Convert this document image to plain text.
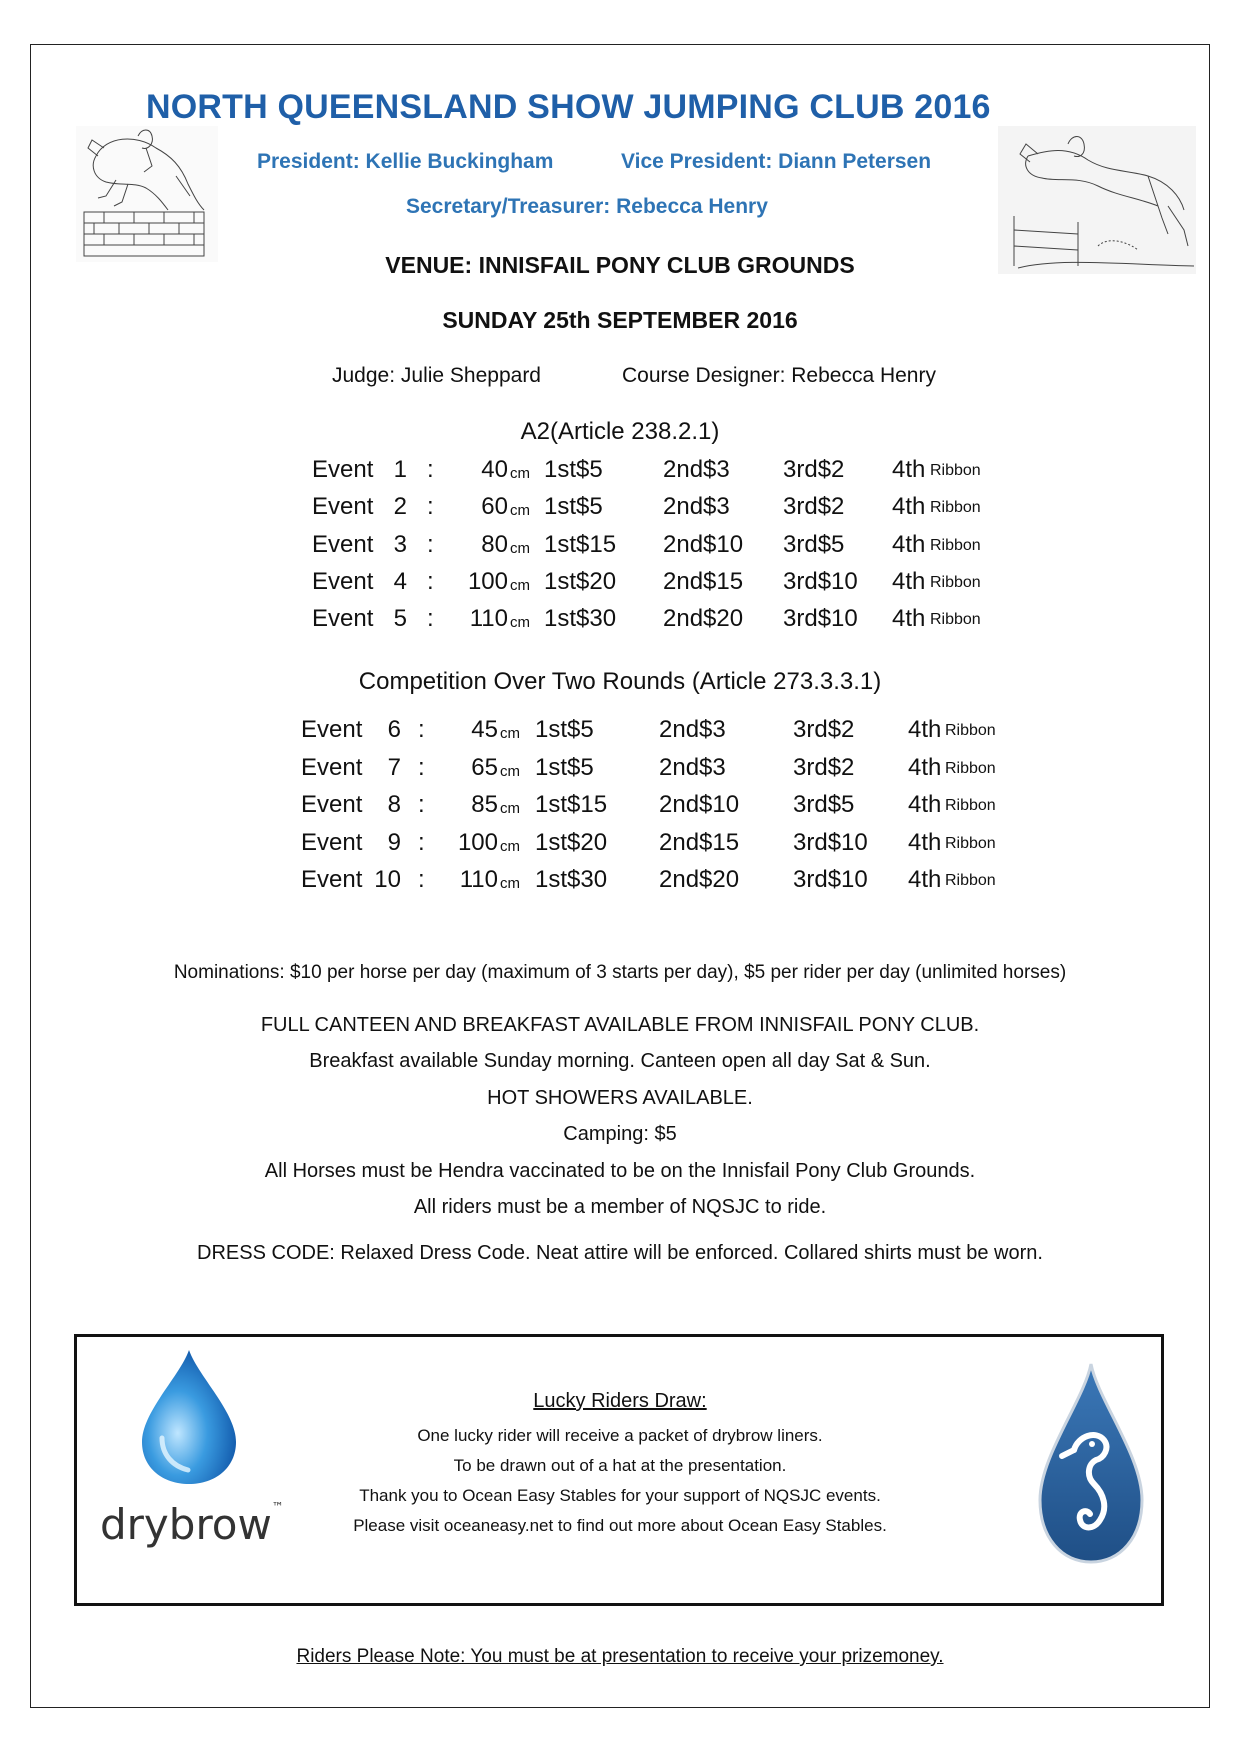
NORTH QUEENSLAND SHOW JUMPING CLUB 2016
President: Kellie Buckingham	Vice President: Diann Petersen
Secretary/Treasurer: Rebecca Henry
VENUE: INNISFAIL PONY CLUB GROUNDS
SUNDAY 25th SEPTEMBER 2016
Judge: Julie Sheppard	Course Designer: Rebecca Henry
A2(Article 238.2.1)
Event 1 : 40 cm 1st$5	2nd$3 3rd$2 4th Ribbon
Event 2 : 60 cm 1st$5	2nd$3 3rd$2 4th Ribbon
Event 3 : 80 cm 1st$15 2nd$10 3rd$5 4th Ribbon
Event 4 : 100 cm 1st$20 2nd$15 3rd$10 4th Ribbon
Event 5 : 110 cm 1st$30 2nd$20 3rd$10 4th Ribbon
Competition Over Two Rounds (Article 273.3.3.1)
Event 6 : 45 cm 1st$5	2nd$3	3rd$2 4th Ribbon
Event 7 : 65 cm 1st$5	2nd$3	3rd$2 4th Ribbon
Event 8 : 85 cm 1st$15 2nd$10 3rd$5 4th Ribbon
Event 9 : 100 cm 1st$20 2nd$15 3rd$10 4th Ribbon
Event 10 : 110 cm 1st$30 2nd$20 3rd$10 4th Ribbon
Nominations: $10 per horse per day (maximum of 3 starts per day), $5 per rider per day (unlimited horses)
FULL CANTEEN AND BREAKFAST AVAILABLE FROM INNISFAIL PONY CLUB.
Breakfast available Sunday morning. Canteen open all day Sat & Sun.
HOT SHOWERS AVAILABLE.
Camping: $5
All Horses must be Hendra vaccinated to be on the Innisfail Pony Club Grounds.
All riders must be a member of NQSJC to ride.
DRESS CODE: Relaxed Dress Code. Neat attire will be enforced. Collared shirts must be worn.
drybrow™
Lucky Riders Draw:
One lucky rider will receive a packet of drybrow liners.
To be drawn out of a hat at the presentation.
Thank you to Ocean Easy Stables for your support of NQSJC events.
Please visit oceaneasy.net to find out more about Ocean Easy Stables.
Riders Please Note: You must be at presentation to receive your prizemoney.
